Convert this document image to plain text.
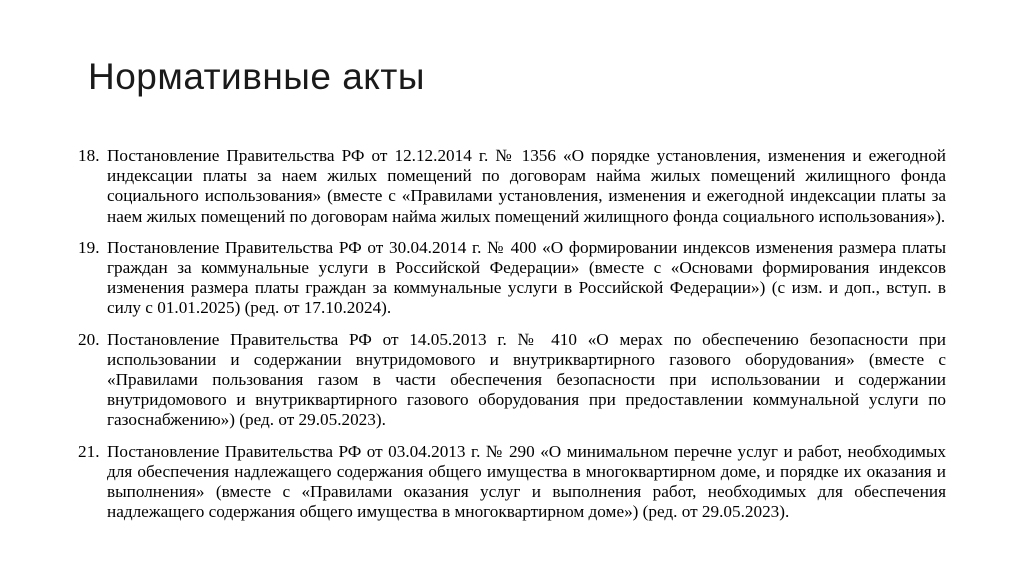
Нормативные акты
18. Постановление Правительства РФ от 12.12.2014 г. № 1356 «О порядке установления, изменения и ежегодной индексации платы за наем жилых помещений по договорам найма жилых помещений жилищного фонда социального использования» (вместе с «Правилами установления, изменения и ежегодной индексации платы за наем жилых помещений по договорам найма жилых помещений жилищного фонда социального использования»).
19. Постановление Правительства РФ от 30.04.2014 г. № 400 «О формировании индексов изменения размера платы граждан за коммунальные услуги в Российской Федерации» (вместе с «Основами формирования индексов изменения размера платы граждан за коммунальные услуги в Российской Федерации») (с изм. и доп., вступ. в силу с 01.01.2025) (ред. от 17.10.2024).
20. Постановление Правительства РФ от 14.05.2013 г. № 410 «О мерах по обеспечению безопасности при использовании и содержании внутридомового и внутриквартирного газового оборудования» (вместе с «Правилами пользования газом в части обеспечения безопасности при использовании и содержании внутридомового и внутриквартирного газового оборудования при предоставлении коммунальной услуги по газоснабжению») (ред. от 29.05.2023).
21. Постановление Правительства РФ от 03.04.2013 г. № 290 «О минимальном перечне услуг и работ, необходимых для обеспечения надлежащего содержания общего имущества в многоквартирном доме, и порядке их оказания и выполнения» (вместе с «Правилами оказания услуг и выполнения работ, необходимых для обеспечения надлежащего содержания общего имущества в многоквартирном доме») (ред. от 29.05.2023).
